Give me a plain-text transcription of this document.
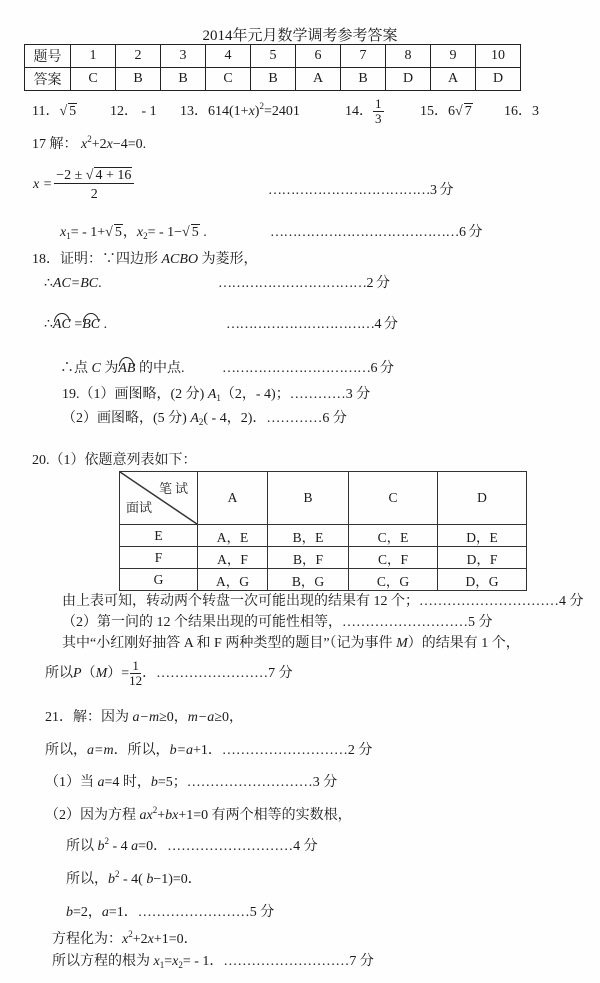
2014年元月数学调考参考答案
题号	1	2	3	4	5	6	7	8	9	10
答案	C	B	B	C	B	A	B	D	A	D
11．√ 5 12． - 1 13．$614(1+x)^2=2401$	14． $\frac{1}{3}$	15．6√ 7 16．3
17 解： $x^2+2x-4=0$.
$x = \frac{-2 \pm √ 4 + 16}{2}$	………………………………3 分
$x_1= - 1+√$ 5，$x_2= - 1-√$ 5 .	……………………………………6 分
18．证明：∵四边形 ACBO 为菱形，
∴AC=BC.	……………………………2 分
∴AC =BC .	……………………………4 分
∴点 C 为AB 的中点.	……………………………6 分
19.（1）画图略，(2 分) $A_1(2$，- 4)；…………3 分
（2）画图略，(5 分) $A_2( - 4$，2)．…………6 分
20.（1）依题意列表如下：
笔试
面试	A	B	C	D
E	A，E	B，E	C，E	D，E
F	A，F	B，F	C，F	D，F
G	A，G	B，G	C，G	D，G
由上表可知，转动两个转盘一次可能出现的结果有 12 个；…………………………4 分
（2）第一问的 12 个结果出现的可能性相等，………………………5 分
其中“小红刚好抽答 A 和 F 两种类型的题目”（记为事件 M）的结果有 1 个，
所以 P （ M ）= $\frac{1}{12}$ ．……………………7 分
21．解：因为 a−m≥0，m−a≥0，
所以，a=m．所以，b=a+1．………………………2 分
（1）当 a=4 时，b=5；………………………3 分
（2）因为方程 $ax^2+bx+1=0$ 有两个相等的实数根，
所以 $b^2 - 4$ a=0．………………………4 分
所以，$b^2 - 4$( b−1)=0．
b=2，a=1．……………………5 分
方程化为：$x^2+2x+1=0$．
所以方程的根为 $x_1=x_2= - 1$．………………………7 分
